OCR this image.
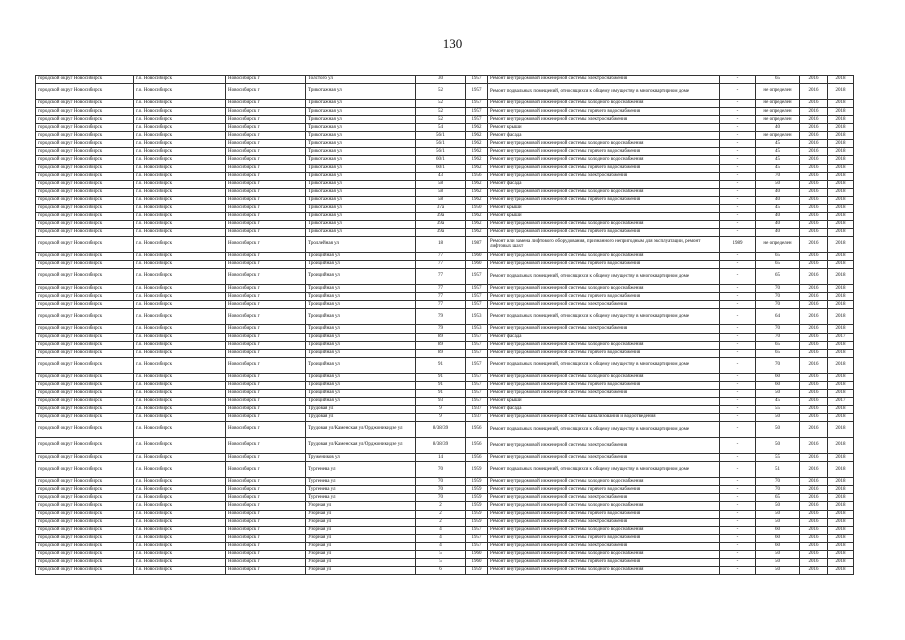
130
городской округ Новосибирск	г.о. Новосибирск	Новосибирск г	Толстого ул	30	1957	Ремонт внутридомовой инженерной системы электроснабжения	-	65	2016	2018
городской округ Новосибирск	г.о. Новосибирск	Новосибирск г	Трикотажная ул	52	1957	Ремонт подвальных помещений, относящихся к общему имуществу в многоквартирном доме	-	не определен	2016	2018
городской округ Новосибирск	г.о. Новосибирск	Новосибирск г	Трикотажная ул	52	1957	Ремонт внутридомовой инженерной системы холодного водоснабжения	-	не определен	2016	2018
городской округ Новосибирск	г.о. Новосибирск	Новосибирск г	Трикотажная ул	52	1957	Ремонт внутридомовой инженерной системы горячего водоснабжения	-	не определен	2016	2018
городской округ Новосибирск	г.о. Новосибирск	Новосибирск г	Трикотажная ул	52	1957	Ремонт внутридомовой инженерной системы электроснабжения	-	не определен	2016	2018
городской округ Новосибирск	г.о. Новосибирск	Новосибирск г	Трикотажная ул	54	1962	Ремонт крыши	-	40	2016	2018
городской округ Новосибирск	г.о. Новосибирск	Новосибирск г	Трикотажная ул	56/1	1962	Ремонт фасада	-	не определен	2016	2018
городской округ Новосибирск	г.о. Новосибирск	Новосибирск г	Трикотажная ул	56/1	1962	Ремонт внутридомовой инженерной системы холодного водоснабжения	-	45	2016	2018
городской округ Новосибирск	г.о. Новосибирск	Новосибирск г	Трикотажная ул	56/1	1962	Ремонт внутридомовой инженерной системы горячего водоснабжения	-	45	2016	2018
городской округ Новосибирск	г.о. Новосибирск	Новосибирск г	Трикотажная ул	60/1	1962	Ремонт внутридомовой инженерной системы холодного водоснабжения	-	45	2016	2018
городской округ Новосибирск	г.о. Новосибирск	Новосибирск г	Трикотажная ул	60/1	1962	Ремонт внутридомовой инженерной системы горячего водоснабжения	-	45	2016	2018
городской округ Новосибирск	г.о. Новосибирск	Новосибирск г	Трикотажная ул	43	1956	Ремонт внутридомовой инженерной системы электроснабжения	-	70	2016	2018
городской округ Новосибирск	г.о. Новосибирск	Новосибирск г	Трикотажная ул	58	1962	Ремонт фасада	-	50	2016	2018
городской округ Новосибирск	г.о. Новосибирск	Новосибирск г	Трикотажная ул	58	1962	Ремонт внутридомовой инженерной системы холодного водоснабжения	-	40	2016	2018
городской округ Новосибирск	г.о. Новосибирск	Новосибирск г	Трикотажная ул	58	1962	Ремонт внутридомовой инженерной системы горячего водоснабжения	-	40	2016	2018
городской округ Новосибирск	г.о. Новосибирск	Новосибирск г	Трикотажная ул	37а	1950	Ремонт крыши	-	45	2016	2018
городской округ Новосибирск	г.о. Новосибирск	Новосибирск г	Трикотажная ул	39а	1962	Ремонт крыши	-	40	2016	2018
городской округ Новосибирск	г.о. Новосибирск	Новосибирск г	Трикотажная ул	39а	1962	Ремонт внутридомовой инженерной системы холодного водоснабжения	-	40	2016	2018
городской округ Новосибирск	г.о. Новосибирск	Новосибирск г	Трикотажная ул	39а	1962	Ремонт внутридомовой инженерной системы горячего водоснабжения	-	40	2016	2018
городской округ Новосибирск	г.о. Новосибирск	Новосибирск г	Троллейная ул	18	1987	Ремонт или замена лифтового оборудования, признанного непригодным для эксплуатации, ремонт лифтовых шахт	1989	не определен	2016	2018
городской округ Новосибирск	г.о. Новосибирск	Новосибирск г	Троицийная ул	77	1960	Ремонт внутридомовой инженерной системы холодного водоснабжения	-	65	2016	2018
городской округ Новосибирск	г.о. Новосибирск	Новосибирск г	Троицийная ул	77	1960	Ремонт внутридомовой инженерной системы горячего водоснабжения	-	65	2016	2018
городской округ Новосибирск	г.о. Новосибирск	Новосибирск г	Троицийная ул	77	1957	Ремонт подвальных помещений, относящихся к общему имуществу в многоквартирном доме	-	65	2016	2018
городской округ Новосибирск	г.о. Новосибирск	Новосибирск г	Троицийная ул	77	1957	Ремонт внутридомовой инженерной системы холодного водоснабжения	-	70	2016	2018
городской округ Новосибирск	г.о. Новосибирск	Новосибирск г	Троицийная ул	77	1957	Ремонт внутридомовой инженерной системы горячего водоснабжения	-	70	2016	2018
городской округ Новосибирск	г.о. Новосибирск	Новосибирск г	Троицийная ул	77	1957	Ремонт внутридомовой инженерной системы электроснабжения	-	70	2016	2018
городской округ Новосибирск	г.о. Новосибирск	Новосибирск г	Троицийная ул	79	1953	Ремонт подвальных помещений, относящихся к общему имуществу в многоквартирном доме	-	64	2016	2018
городской округ Новосибирск	г.о. Новосибирск	Новосибирск г	Троицийная ул	79	1953	Ремонт внутридомовой инженерной системы электроснабжения	-	70	2016	2018
городской округ Новосибирск	г.о. Новосибирск	Новосибирск г	Троицийная ул	89	1957	Ремонт фасада	-	70	2016	2017
городской округ Новосибирск	г.о. Новосибирск	Новосибирск г	Троицийная ул	89	1957	Ремонт внутридомовой инженерной системы холодного водоснабжения	-	65	2016	2018
городской округ Новосибирск	г.о. Новосибирск	Новосибирск г	Троицийная ул	89	1957	Ремонт внутридомовой инженерной системы горячего водоснабжения	-	65	2016	2018
городской округ Новосибирск	г.о. Новосибирск	Новосибирск г	Троицийная ул	91	1957	Ремонт подвальных помещений, относящихся к общему имуществу в многоквартирном доме	-	70	2016	2018
городской округ Новосибирск	г.о. Новосибирск	Новосибирск г	Троицийная ул	91	1957	Ремонт внутридомовой инженерной системы холодного водоснабжения	-	60	2016	2018
городской округ Новосибирск	г.о. Новосибирск	Новосибирск г	Троицийная ул	91	1957	Ремонт внутридомовой инженерной системы горячего водоснабжения	-	60	2016	2018
городской округ Новосибирск	г.о. Новосибирск	Новосибирск г	Троицийная ул	91	1957	Ремонт внутридомовой инженерной системы электроснабжения	-	50	2016	2018
городской округ Новосибирск	г.о. Новосибирск	Новосибирск г	Троицийная ул	93	1957	Ремонт крыши	-	45	2016	2017
городской округ Новосибирск	г.о. Новосибирск	Новосибирск г	Трудовая ул	9	1937	Ремонт фасада	-	55	2016	2018
городской округ Новосибирск	г.о. Новосибирск	Новосибирск г	Трудовая ул	9	1937	Ремонт внутридомовой инженерной системы канализования и водоотведения	-	50	2016	2018
городской округ Новосибирск	г.о. Новосибирск	Новосибирск г	Трудовая ул/Каменская ул/Орджоникидзе ул	8/38/39	1956	Ремонт подвальных помещений, относящихся к общему имуществу в многоквартирном доме	-	50	2016	2018
городской округ Новосибирск	г.о. Новосибирск	Новосибирск г	Трудовая ул/Каменская ул/Орджоникидзе ул	8/38/39	1956	Ремонт внутридомовой инженерной системы электроснабжения	-	50	2016	2018
городской округ Новосибирск	г.о. Новосибирск	Новосибирск г	Тружеников ул	14	1956	Ремонт внутридомовой инженерной системы электроснабжения	-	55	2016	2018
городской округ Новосибирск	г.о. Новосибирск	Новосибирск г	Тургенева ул	70	1959	Ремонт подвальных помещений, относящихся к общему имуществу в многоквартирном доме	-	51	2016	2018
городской округ Новосибирск	г.о. Новосибирск	Новосибирск г	Тургенева ул	70	1959	Ремонт внутридомовой инженерной системы холодного водоснабжения	-	70	2016	2018
городской округ Новосибирск	г.о. Новосибирск	Новосибирск г	Тургенева ул	70	1959	Ремонт внутридомовой инженерной системы горячего водоснабжения	-	70	2016	2018
городской округ Новосибирск	г.о. Новосибирск	Новосибирск г	Тургенева ул	70	1959	Ремонт внутридомовой инженерной системы электроснабжения	-	65	2016	2018
городской округ Новосибирск	г.о. Новосибирск	Новосибирск г	Узорная ул	2	1959	Ремонт внутридомовой инженерной системы холодного водоснабжения	-	50	2016	2018
городской округ Новосибирск	г.о. Новосибирск	Новосибирск г	Узорная ул	2	1959	Ремонт внутридомовой инженерной системы горячего водоснабжения	-	50	2016	2018
городской округ Новосибирск	г.о. Новосибирск	Новосибирск г	Узорная ул	2	1959	Ремонт внутридомовой инженерной системы электроснабжения	-	50	2016	2018
городской округ Новосибирск	г.о. Новосибирск	Новосибирск г	Узорная ул	4	1957	Ремонт внутридомовой инженерной системы холодного водоснабжения	-	60	2016	2018
городской округ Новосибирск	г.о. Новосибирск	Новосибирск г	Узорная ул	4	1957	Ремонт внутридомовой инженерной системы горячего водоснабжения	-	60	2016	2018
городской округ Новосибирск	г.о. Новосибирск	Новосибирск г	Узорная ул	4	1957	Ремонт внутридомовой инженерной системы электроснабжения	-	60	2016	2018
городской округ Новосибирск	г.о. Новосибирск	Новосибирск г	Узорная ул	5	1960	Ремонт внутридомовой инженерной системы холодного водоснабжения	-	50	2016	2018
городской округ Новосибирск	г.о. Новосибирск	Новосибирск г	Узорная ул	5	1960	Ремонт внутридомовой инженерной системы горячего водоснабжения	-	50	2016	2018
городской округ Новосибирск	г.о. Новосибирск	Новосибирск г	Узорная ул	6	1959	Ремонт внутридомовой инженерной системы холодного водоснабжения	-	50	2016	2018
